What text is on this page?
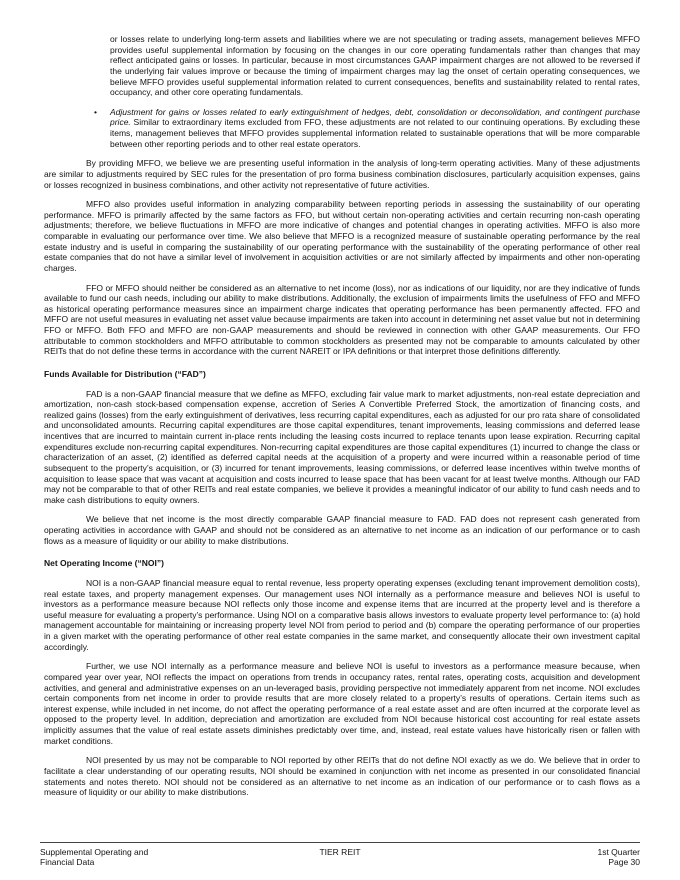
or losses relate to underlying long-term assets and liabilities where we are not speculating or trading assets, management believes MFFO provides useful supplemental information by focusing on the changes in our core operating fundamentals rather than changes that may reflect anticipated gains or losses. In particular, because in most circumstances GAAP impairment charges are not allowed to be reversed if the underlying fair values improve or because the timing of impairment charges may lag the onset of certain operating consequences, we believe MFFO provides useful supplemental information related to current consequences, benefits and sustainability related to rental rates, occupancy, and other core operating fundamentals.

•	Adjustment for gains or losses related to early extinguishment of hedges, debt, consolidation or deconsolidation, and contingent purchase price. Similar to extraordinary items excluded from FFO, these adjustments are not related to our continuing operations. By excluding these items, management believes that MFFO provides supplemental information related to sustainable operations that will be more comparable between other reporting periods and to other real estate operators.

By providing MFFO, we believe we are presenting useful information in the analysis of long-term operating activities. Many of these adjustments are similar to adjustments required by SEC rules for the presentation of pro forma business combination disclosures, particularly acquisition expenses, gains or losses recognized in business combinations, and other activity not representative of future activities.

MFFO also provides useful information in analyzing comparability between reporting periods in assessing the sustainability of our operating performance. MFFO is primarily affected by the same factors as FFO, but without certain non-operating activities and certain recurring non-cash operating adjustments; therefore, we believe fluctuations in MFFO are more indicative of changes and potential changes in operating activities. MFFO is also more comparable in evaluating our performance over time. We also believe that MFFO is a recognized measure of sustainable operating performance by the real estate industry and is useful in comparing the sustainability of our operating performance with the sustainability of the operating performance of other real estate companies that do not have a similar level of involvement in acquisition activities or are not similarly affected by impairments and other non-operating charges.

FFO or MFFO should neither be considered as an alternative to net income (loss), nor as indications of our liquidity, nor are they indicative of funds available to fund our cash needs, including our ability to make distributions. Additionally, the exclusion of impairments limits the usefulness of FFO and MFFO as historical operating performance measures since an impairment charge indicates that operating performance has been permanently affected. FFO and MFFO are not useful measures in evaluating net asset value because impairments are taken into account in determining net asset value but not in determining FFO or MFFO. Both FFO and MFFO are non-GAAP measurements and should be reviewed in connection with other GAAP measurements. Our FFO attributable to common stockholders and MFFO attributable to common stockholders as presented may not be comparable to amounts calculated by other REITs that do not define these terms in accordance with the current NAREIT or IPA definitions or that interpret those definitions differently.

Funds Available for Distribution (“FAD”)

FAD is a non-GAAP financial measure that we define as MFFO, excluding fair value mark to market adjustments, non-real estate depreciation and amortization, non-cash stock-based compensation expense, accretion of Series A Convertible Preferred Stock, the amortization of financing costs, and realized gains (losses) from the early extinguishment of derivatives, less recurring capital expenditures, each as adjusted for our pro rata share of consolidated and unconsolidated amounts. Recurring capital expenditures are those capital expenditures, tenant improvements, leasing commissions and deferred lease incentives that are incurred to maintain current in-place rents including the leasing costs incurred to replace tenants upon lease expiration. Recurring capital expenditures exclude non-recurring capital expenditures. Non-recurring capital expenditures are those capital expenditures (1) incurred to change the class or characterization of an asset, (2) identified as deferred capital needs at the acquisition of a property and were incurred within a reasonable period of time subsequent to the property’s acquisition, or (3) incurred for tenant improvements, leasing commissions, or deferred lease incentives within twelve months of acquisition to lease space that was vacant at acquisition and costs incurred to lease space that has been vacant for at least twelve months. Although our FAD may not be comparable to that of other REITs and real estate companies, we believe it provides a meaningful indicator of our ability to fund cash needs and to make cash distributions to equity owners.

We believe that net income is the most directly comparable GAAP financial measure to FAD. FAD does not represent cash generated from operating activities in accordance with GAAP and should not be considered as an alternative to net income as an indication of our performance or to cash flows as a measure of liquidity or our ability to make distributions.

Net Operating Income (“NOI”)

NOI is a non-GAAP financial measure equal to rental revenue, less property operating expenses (excluding tenant improvement demolition costs), real estate taxes, and property management expenses. Our management uses NOI internally as a performance measure and believes NOI is useful to investors as a performance measure because NOI reflects only those income and expense items that are incurred at the property level and is therefore a useful measure for evaluating a property’s performance. Using NOI on a comparative basis allows investors to evaluate property level performance to: (a) hold management accountable for maintaining or increasing property level NOI from period to period and (b) compare the operating performance of our properties in a given market with the operating performance of other real estate companies in the same market, and consequently allocate their own investment capital accordingly.

Further, we use NOI internally as a performance measure and believe NOI is useful to investors as a performance measure because, when compared year over year, NOI reflects the impact on operations from trends in occupancy rates, rental rates, operating costs, acquisition and development activities, and general and administrative expenses on an un-leveraged basis, providing perspective not immediately apparent from net income. NOI excludes certain components from net income in order to provide results that are more closely related to a property’s results of operations. Certain items such as interest expense, while included in net income, do not affect the operating performance of a real estate asset and are often incurred at the corporate level as opposed to the property level. In addition, depreciation and amortization are excluded from NOI because historical cost accounting for real estate assets implicitly assumes that the value of real estate assets diminishes predictably over time, and, instead, real estate values have historically risen or fallen with market conditions.

NOI presented by us may not be comparable to NOI reported by other REITs that do not define NOI exactly as we do. We believe that in order to facilitate a clear understanding of our operating results, NOI should be examined in conjunction with net income as presented in our consolidated financial statements and notes thereto. NOI should not be considered as an alternative to net income as an indication of our performance or to cash flows as a measure of liquidity or our ability to make distributions.

Supplemental Operating and
Financial Data
TIER REIT	1st Quarter
Page 30
